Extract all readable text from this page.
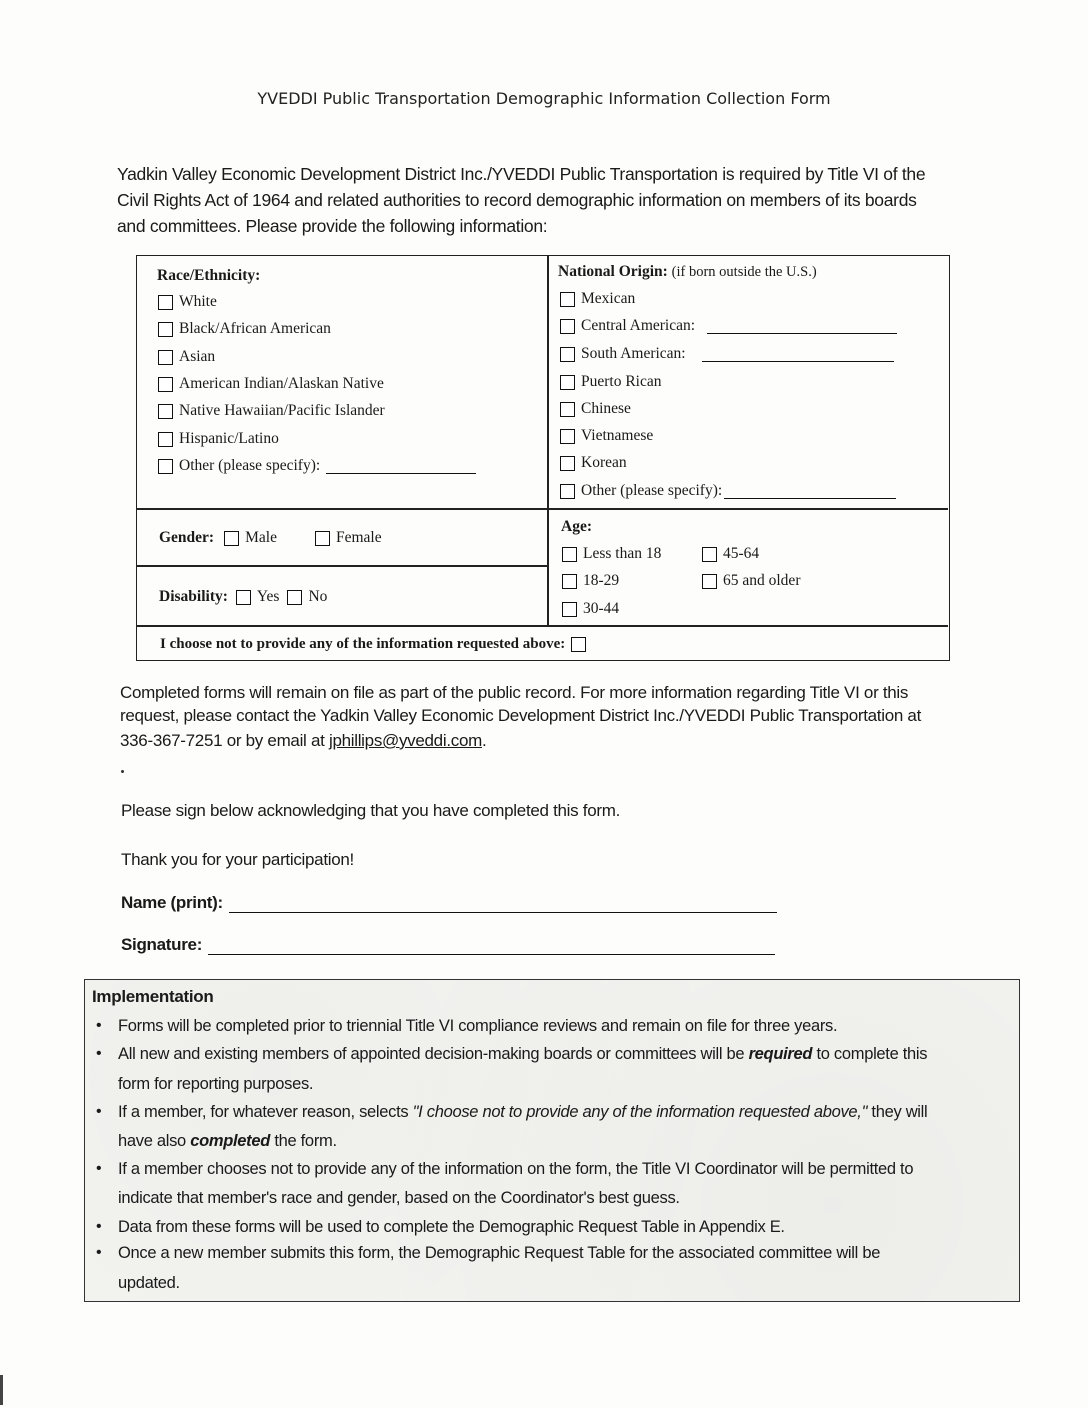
YVEDDI Public Transportation Demographic Information Collection Form
Yadkin Valley Economic Development District Inc./YVEDDI Public Transportation is required by Title VI of the
Civil Rights Act of 1964 and related authorities to record demographic information on members of its boards
and committees. Please provide the following information:
Race/Ethnicity:
White
Black/African American
Asian
American Indian/Alaskan Native
Native Hawaiian/Pacific Islander
Hispanic/Latino
Other (please specify):
National Origin: (if born outside the U.S.)
Mexican
Central American:
South American:
Puerto Rican
Chinese
Vietnamese
Korean
Other (please specify):
Gender: Male	Female
Disability: Yes No
Age:
Less than 18	45-64
18-29	65 and older
30-44
I choose not to provide any of the information requested above:
Completed forms will remain on file as part of the public record. For more information regarding Title VI or this
request, please contact the Yadkin Valley Economic Development District Inc./YVEDDI Public Transportation at
336-367-7251 or by email at jphillips@yveddi.com.
Please sign below acknowledging that you have completed this form.
Thank you for your participation!
Name (print):
Signature:
Implementation
• Forms will be completed prior to triennial Title VI compliance reviews and remain on file for three years.
• All new and existing members of appointed decision-making boards or committees will be required to complete this
form for reporting purposes.
• If a member, for whatever reason, selects "I choose not to provide any of the information requested above," they will
have also completed the form.
• If a member chooses not to provide any of the information on the form, the Title VI Coordinator will be permitted to
indicate that member's race and gender, based on the Coordinator's best guess.
• Data from these forms will be used to complete the Demographic Request Table in Appendix E.
• Once a new member submits this form, the Demographic Request Table for the associated committee will be
updated.
